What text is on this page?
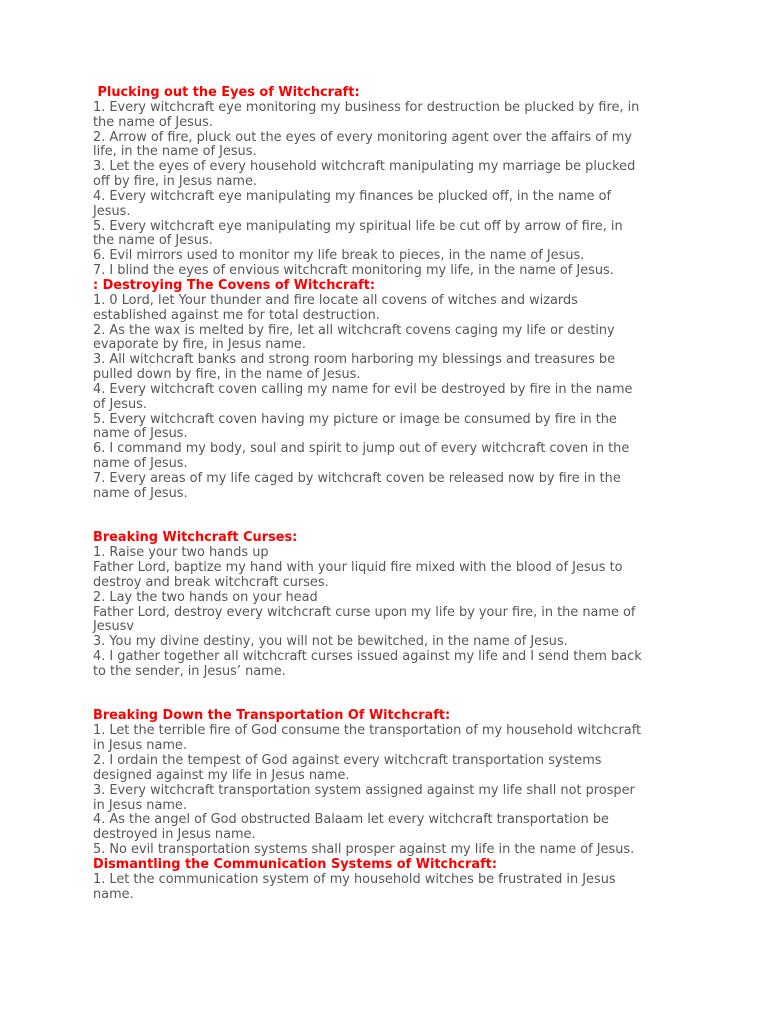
Plucking out the Eyes of Witchcraft:
1. Every witchcraft eye monitoring my business for destruction be plucked by fire, in
the name of Jesus.
2. Arrow of fire, pluck out the eyes of every monitoring agent over the affairs of my
life, in the name of Jesus.
3. Let the eyes of every household witchcraft manipulating my marriage be plucked
off by fire, in Jesus name.
4. Every witchcraft eye manipulating my finances be plucked off, in the name of
Jesus.
5. Every witchcraft eye manipulating my spiritual life be cut off by arrow of fire, in
the name of Jesus.
6. Evil mirrors used to monitor my life break to pieces, in the name of Jesus.
7. I blind the eyes of envious witchcraft monitoring my life, in the name of Jesus.
: Destroying The Covens of Witchcraft:
1. 0 Lord, let Your thunder and fire locate all covens of witches and wizards
established against me for total destruction.
2. As the wax is melted by fire, let all witchcraft covens caging my life or destiny
evaporate by fire, in Jesus name.
3. All witchcraft banks and strong room harboring my blessings and treasures be
pulled down by fire, in the name of Jesus.
4. Every witchcraft coven calling my name for evil be destroyed by fire in the name
of Jesus.
5. Every witchcraft coven having my picture or image be consumed by fire in the
name of Jesus.
6. I command my body, soul and spirit to jump out of every witchcraft coven in the
name of Jesus.
7. Every areas of my life caged by witchcraft coven be released now by fire in the
name of Jesus.
Breaking Witchcraft Curses:
1. Raise your two hands up
Father Lord, baptize my hand with your liquid fire mixed with the blood of Jesus to
destroy and break witchcraft curses.
2. Lay the two hands on your head
Father Lord, destroy every witchcraft curse upon my life by your fire, in the name of
Jesusv
3. You my divine destiny, you will not be bewitched, in the name of Jesus.
4. I gather together all witchcraft curses issued against my life and I send them back
to the sender, in Jesus’ name.
Breaking Down the Transportation Of Witchcraft:
1. Let the terrible fire of God consume the transportation of my household witchcraft
in Jesus name.
2. I ordain the tempest of God against every witchcraft transportation systems
designed against my life in Jesus name.
3. Every witchcraft transportation system assigned against my life shall not prosper
in Jesus name.
4. As the angel of God obstructed Balaam let every witchcraft transportation be
destroyed in Jesus name.
5. No evil transportation systems shall prosper against my life in the name of Jesus.
Dismantling the Communication Systems of Witchcraft:
1. Let the communication system of my household witches be frustrated in Jesus
name.
